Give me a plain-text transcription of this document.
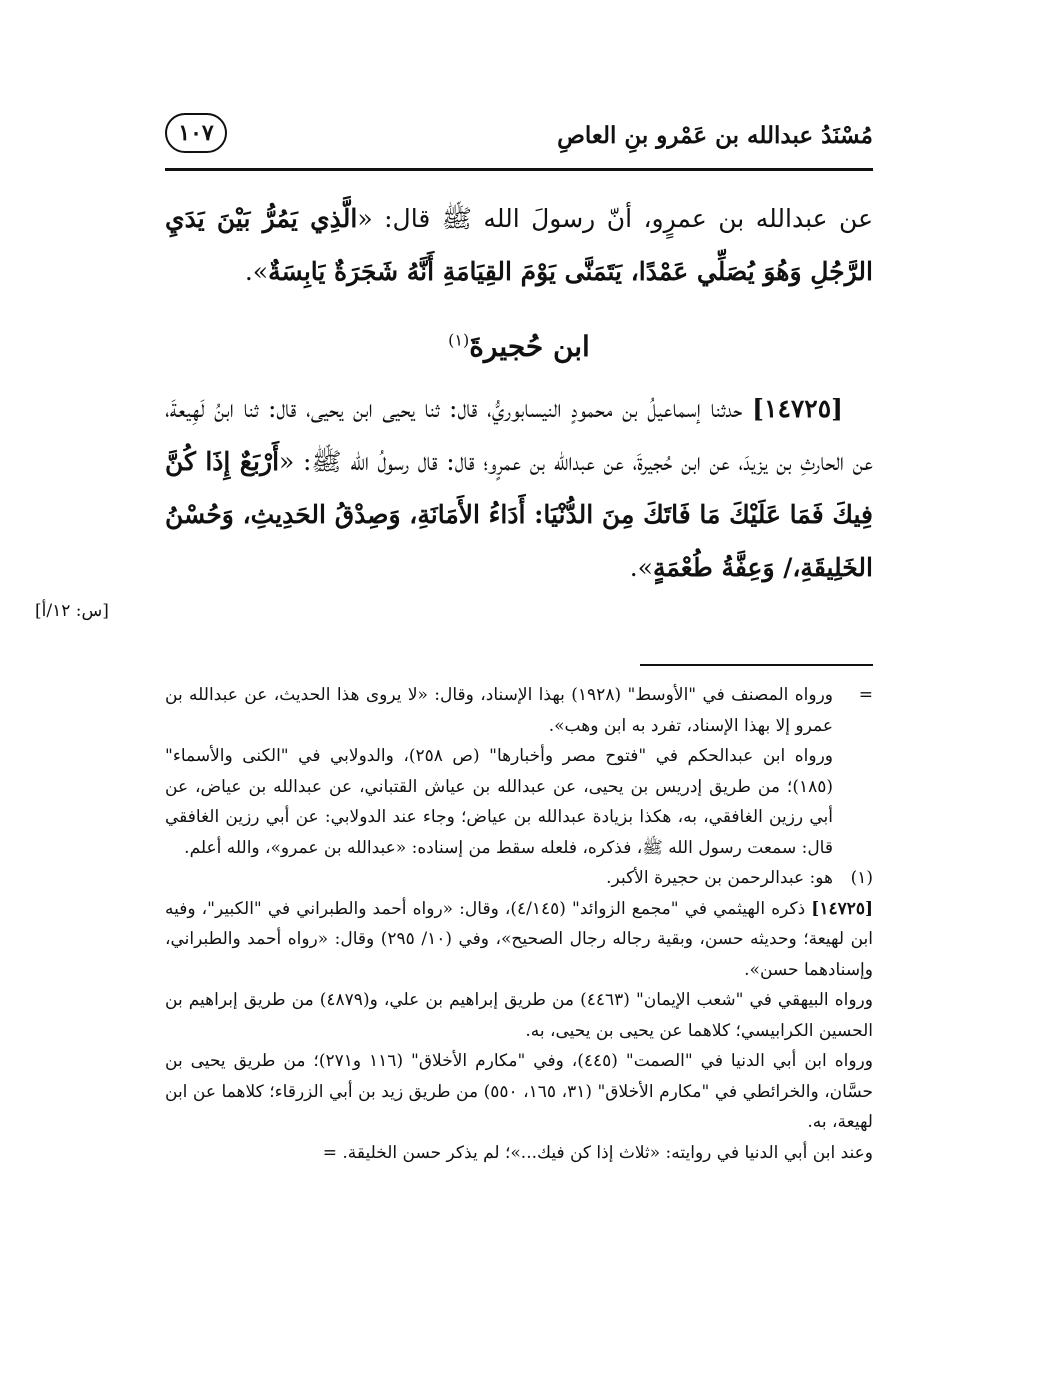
مُسْنَدُ عبدالله بن عَمْرو بنِ العاصِ
١٠٧

عن عبدالله بن عمرٍو، أنّ رسولَ الله ﷺ قال: «الَّذِي يَمُرُّ بَيْنَ يَدَيِ الرَّجُلِ وَهُوَ يُصَلِّي عَمْدًا، يَتَمَنَّى يَوْمَ القِيَامَةِ أَنَّهُ شَجَرَةٌ يَابِسَةٌ».

ابن حُجيرةَ$^{(١)}$

[١٤٧٢٥] حدثنا إسماعيلُ بن محمودٍ النيسابوريُّ، قال: ثنا يحيى ابن يحيى، قال: ثنا ابنُ لَهِيعةَ، عن الحارثِ بن يزيدَ، عن ابن حُجيرةَ، عن عبدالله بن عمرٍو؛ قال: قال رسولُ الله ﷺ: «أَرْبَعٌ إِذَا كُنَّ فِيكَ فَمَا عَلَيْكَ مَا فَاتَكَ مِنَ الدُّنْيَا: أَدَاءُ الأَمَانَةِ، وَصِدْقُ الحَدِيثِ، وَحُسْنُ الخَلِيقَةِ،/ وَعِفَّةُ طُعْمَةٍ».

[س: ١٢/أ]
=

ورواه المصنف في "الأوسط" (١٩٢٨) بهذا الإسناد، وقال: «لا يروى هذا الحديث، عن عبدالله بن عمرو إلا بهذا الإسناد، تفرد به ابن وهب».

ورواه ابن عبدالحكم في "فتوح مصر وأخبارها" (ص ٢٥٨)، والدولابي في "الكنى والأسماء" (١٨٥)؛ من طريق إدريس بن يحيى، عن عبدالله بن عياش القتباني، عن عبدالله بن عياض، عن أبي رزين الغافقي، به، هكذا بزيادة عبدالله بن عياض؛ وجاء عند الدولابي: عن أبي رزين الغافقي قال: سمعت رسول الله ﷺ، فذكره، فلعله سقط من إسناده: «عبدالله بن عمرو»، والله أعلم.

(١)
هو: عبدالرحمن بن حجيرة الأكبر.
[١٤٧٢٥] ذكره الهيثمي في "مجمع الزوائد" (٤/١٤٥)، وقال: «رواه أحمد والطبراني في "الكبير"، وفيه ابن لهيعة؛ وحديثه حسن، وبقية رجاله رجال الصحيح»، وفي (١٠/ ٢٩٥) وقال: «رواه أحمد والطبراني، وإسنادهما حسن».

ورواه البيهقي في "شعب الإيمان" (٤٤٦٣) من طريق إبراهيم بن علي، و(٤٨٧٩) من طريق إبراهيم بن الحسين الكرابيسي؛ كلاهما عن يحيى بن يحيى، به.

ورواه ابن أبي الدنيا في "الصمت" (٤٤٥)، وفي "مكارم الأخلاق" (١١٦ و٢٧١)؛ من طريق يحيى بن حسَّان، والخرائطي في "مكارم الأخلاق" (٣١، ١٦٥، ٥٥٠) من طريق زيد بن أبي الزرقاء؛ كلاهما عن ابن لهيعة، به.

وعند ابن أبي الدنيا في روايته: «ثلاث إذا كن فيك...»؛ لم يذكر حسن الخليقة. =
